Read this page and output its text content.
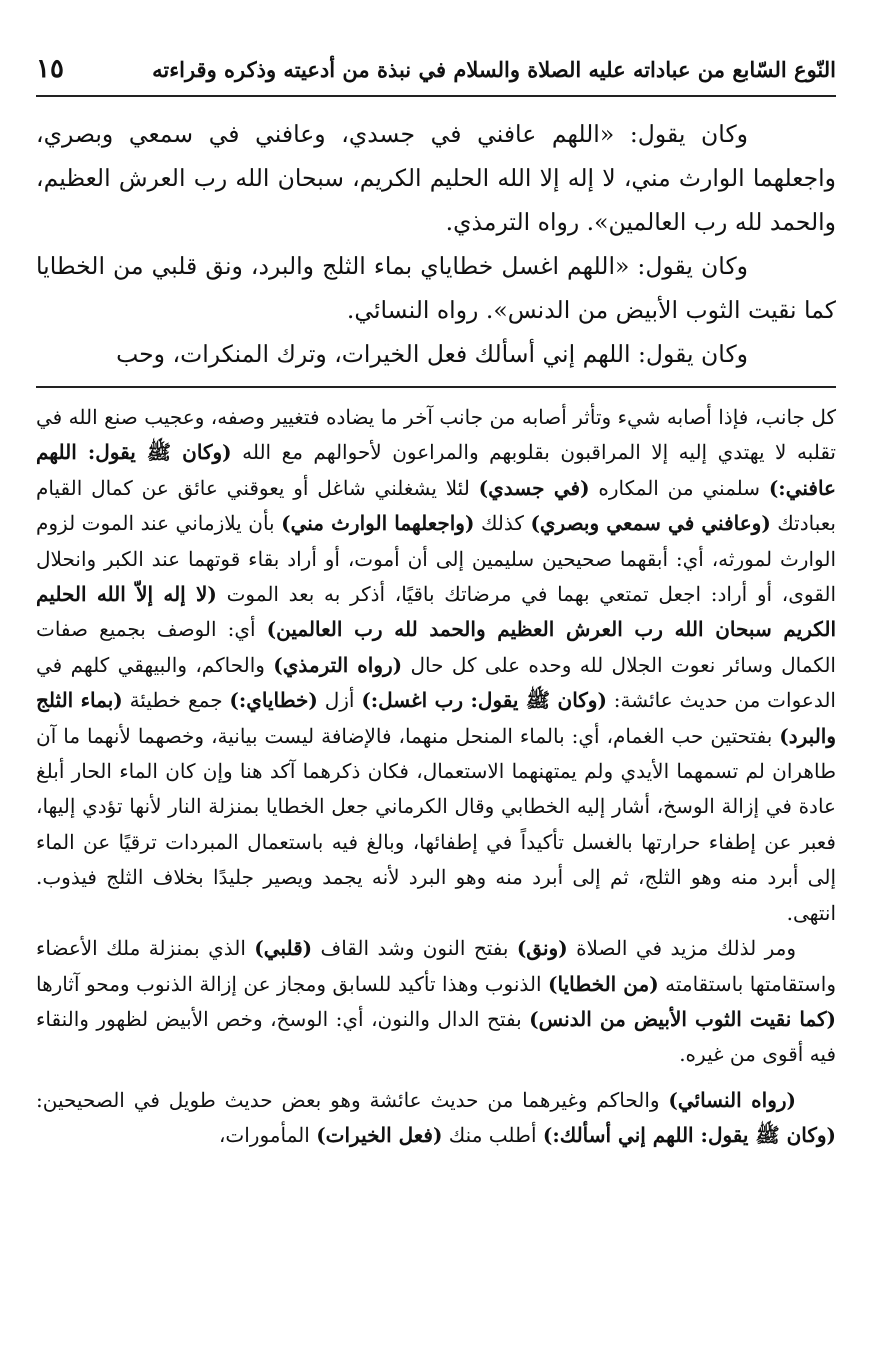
النّوع السّابع من عباداته عليه الصلاة والسلام في نبذة من أدعيته وذكره وقراءته
١٥

وكان يقول: «اللهم عافني في جسدي، وعافني في سمعي وبصري، واجعلهما الوارث مني، لا إله إلا الله الحليم الكريم، سبحان الله رب العرش العظيم، والحمد لله رب العالمين». رواه الترمذي.

وكان يقول: «اللهم اغسل خطاياي بماء الثلج والبرد، ونق قلبي من الخطايا كما نقيت الثوب الأبيض من الدنس». رواه النسائي.

وكان يقول: اللهم إني أسألك فعل الخيرات، وترك المنكرات، وحب

كل جانب، فإذا أصابه شيء وتأثر أصابه من جانب آخر ما يضاده فتغيير وصفه، وعجيب صنع الله في تقلبه لا يهتدي إليه إلا المراقبون بقلوبهم والمراعون لأحوالهم مع الله (وكان ﷺ يقول: اللهم عافني:) سلمني من المكاره (في جسدي) لئلا يشغلني شاغل أو يعوقني عائق عن كمال القيام بعبادتك (وعافني في سمعي وبصري) كذلك (واجعلهما الوارث مني) بأن يلازماني عند الموت لزوم الوارث لمورثه، أي: أبقهما صحيحين سليمين إلى أن أموت، أو أراد بقاء قوتهما عند الكبر وانحلال القوى، أو أراد: اجعل تمتعي بهما في مرضاتك باقيًا، أذكر به بعد الموت (لا إله إلاّ الله الحليم الكريم سبحان الله رب العرش العظيم والحمد لله رب العالمين) أي: الوصف بجميع صفات الكمال وسائر نعوت الجلال لله وحده على كل حال (رواه الترمذي) والحاكم، والبيهقي كلهم في الدعوات من حديث عائشة: (وكان ﷺ يقول: رب اغسل:) أزل (خطاياي:) جمع خطيئة (بماء الثلج والبرد) بفتحتين حب الغمام، أي: بالماء المنحل منهما، فالإضافة ليست بيانية، وخصهما لأنهما ما آن طاهران لم تسمهما الأيدي ولم يمتهنهما الاستعمال، فكان ذكرهما آكد هنا وإن كان الماء الحار أبلغ عادة في إزالة الوسخ، أشار إليه الخطابي وقال الكرماني جعل الخطايا بمنزلة النار لأنها تؤدي إليها، فعبر عن إطفاء حرارتها بالغسل تأكيداً في إطفائها، وبالغ فيه باستعمال المبردات ترقيًا عن الماء إلى أبرد منه وهو الثلج، ثم إلى أبرد منه وهو البرد لأنه يجمد ويصير جليدًا بخلاف الثلج فيذوب. انتهى.

ومر لذلك مزيد في الصلاة (ونق) بفتح النون وشد القاف (قلبي) الذي بمنزلة ملك الأعضاء واستقامتها باستقامته (من الخطايا) الذنوب وهذا تأكيد للسابق ومجاز عن إزالة الذنوب ومحو آثارها (كما نقيت الثوب الأبيض من الدنس) بفتح الدال والنون، أي: الوسخ، وخص الأبيض لظهور والنقاء فيه أقوى من غيره.

(رواه النسائي) والحاكم وغيرهما من حديث عائشة وهو بعض حديث طويل في الصحيحين: (وكان ﷺ يقول: اللهم إني أسألك:) أطلب منك (فعل الخيرات) المأمورات،
